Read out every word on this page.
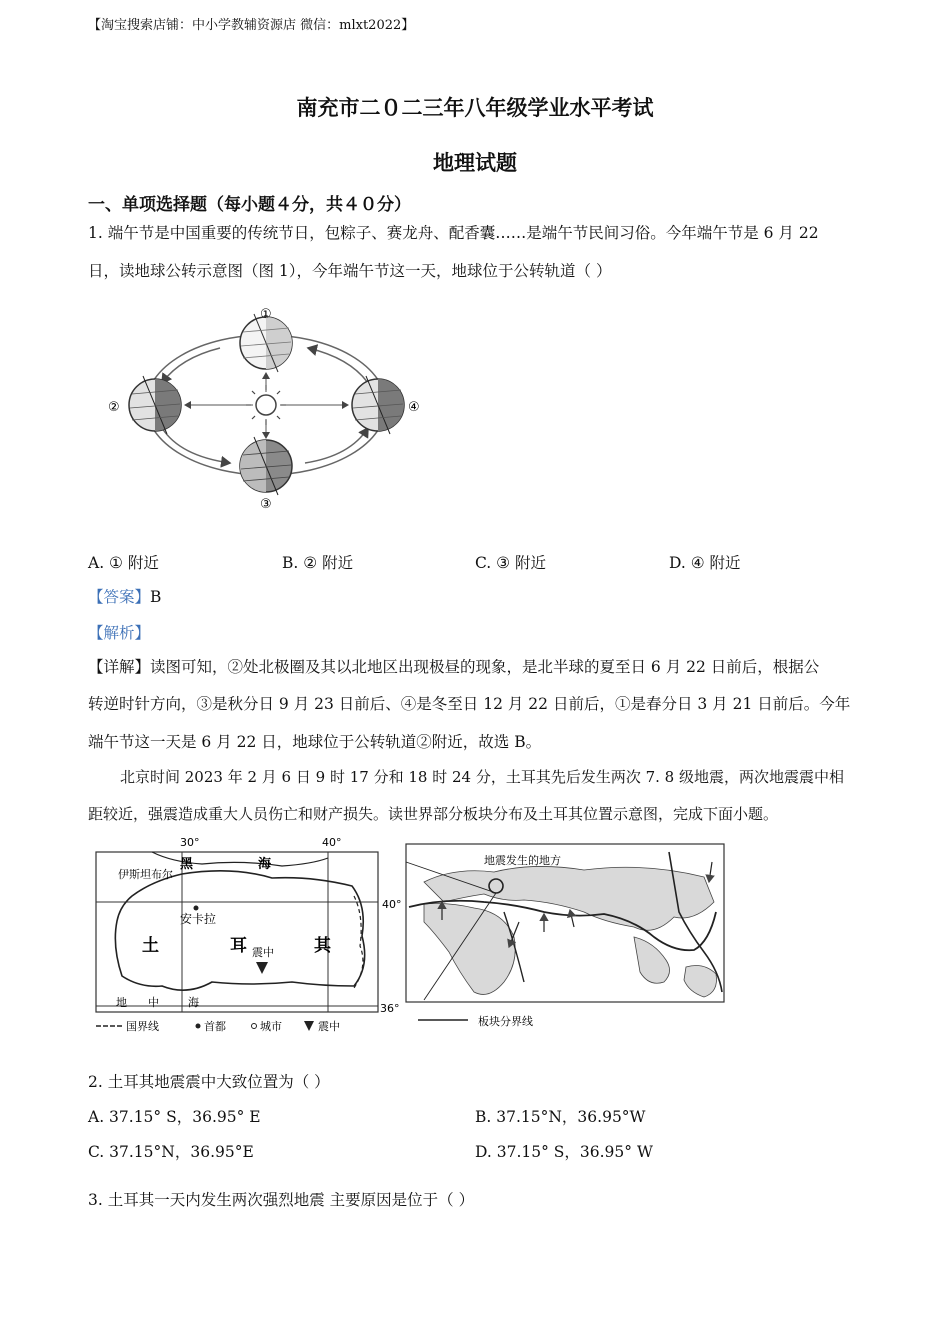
【淘宝搜索店铺：中小学教辅资源店 微信：mlxt2022】
南充市二０二三年八年级学业水平考试
地理试题
一、单项选择题（每小题４分，共４０分）
1. 端午节是中国重要的传统节日，包粽子、赛龙舟、配香囊……是端午节民间习俗。今年端午节是 6 月 22
日，读地球公转示意图（图 1），今年端午节这一天，地球位于公转轨道（ ）
①
②
③
④
A. ① 附近	B. ② 附近	C. ③ 附近	D. ④ 附近
【答案】B
【解析】
【详解】读图可知，②处北极圈及其以北地区出现极昼的现象，是北半球的夏至日 6 月 22 日前后，根据公
转逆时针方向，③是秋分日 9 月 23 日前后、④是冬至日 12 月 22 日前后，①是春分日 3 月 21 日前后。今年
端午节这一天是 6 月 22 日，地球位于公转轨道②附近，故选 B。
北京时间 2023 年 2 月 6 日 9 时 17 分和 18 时 24 分，土耳其先后发生两次 7. 8 级地震，两次地震震中相
距较近，强震造成重大人员伤亡和财产损失。读世界部分板块分布及土耳其位置示意图，完成下面小题。
30°	40°
40°
36°
伊斯坦布尔
黑	海
安卡拉
土	耳	其
震中
地 中	海
国界线	首都	城市	震中
地震发生的地方
板块分界线
2. 土耳其地震震中大致位置为（ ）
A. 37.15° S，36.95° E	B. 37.15°N，36.95°W
C. 37.15°N，36.95°E	D. 37.15° S，36.95° W
3. 土耳其一天内发生两次强烈地震 主要原因是位于（ ）
